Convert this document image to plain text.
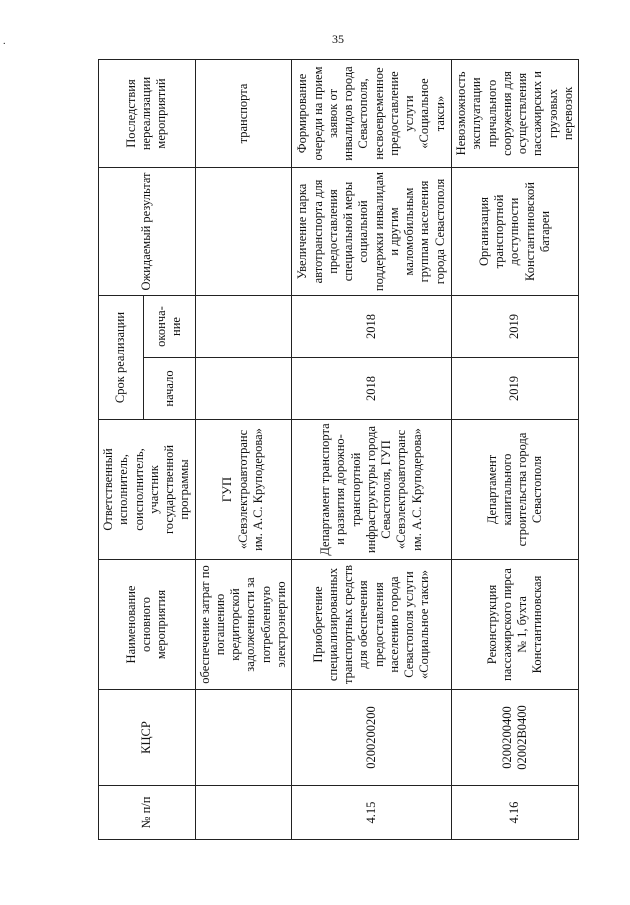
.	35
№ п/п	КЦСР	Наименование основного мероприятия	Ответственный исполнитель, соисполнитель, участник государственной программы	Срок реализации		Ожидаемый результат	Последствия нереализации мероприятий
				начало	оконча-ние		
		обеспечение затрат по погашению кредиторской задолженности за потребленную электроэнергию	ГУП «Севэлектроавтотранс им. А.С. Круподерова»				транспорта
4.15	0200200200	Приобретение специализированных транспортных средств для обеспечения предоставления населению города Севастополя услуги «Социальное такси»	Департамент транспорта и развития дорожно-транспортной инфраструктуры города Севастополя, ГУП «Севэлектроавтотранс им. А.С. Круподерова»	2018	2018	Увеличение парка автотранспорта для предоставления специальной меры социальной поддержки инвалидам и другим маломобильным группам населения города Севастополя	Формирование очереди на прием заявок от инвалидов города Севастополя, несвоевременное предоставление услуги «Социальное такси»
4.16	0200200400 02002В0400	Реконструкция пассажирского пирса № 1, бухта Константиновская	Департамент капитального строительства города Севастополя	2019	2019	Организация транспортной доступности Константиновской батареи	Невозможность эксплуатации причального сооружения для осуществления пассажирских и грузовых перевозок
